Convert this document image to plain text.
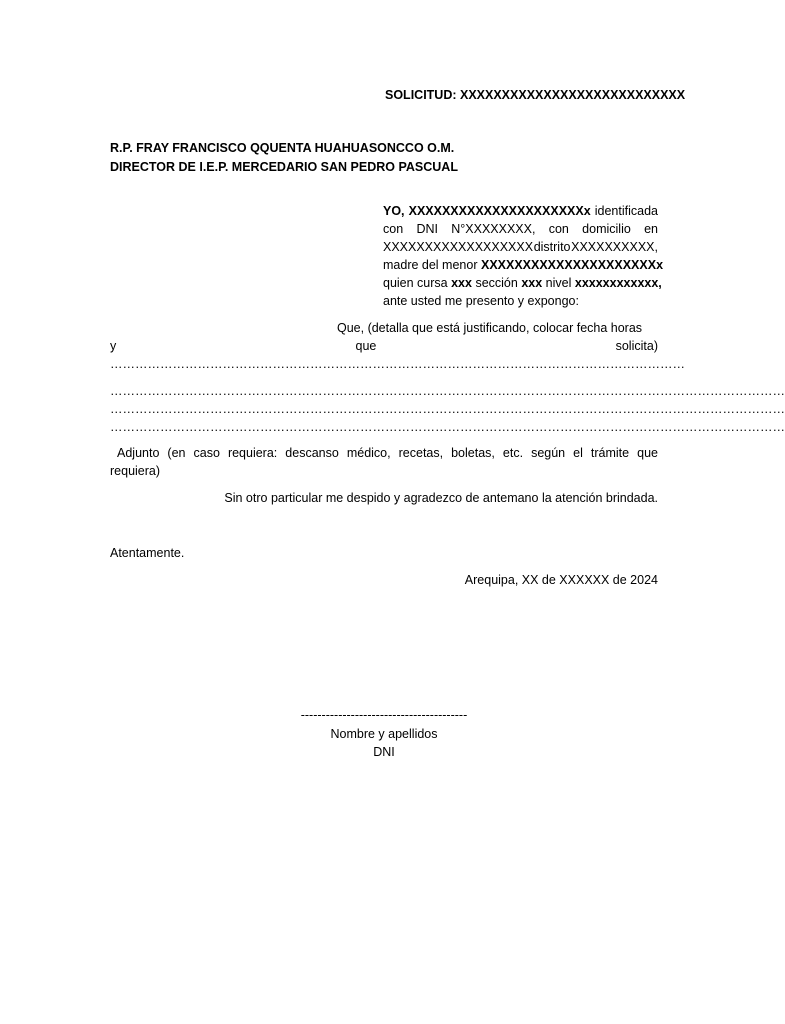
SOLICITUD: XXXXXXXXXXXXXXXXXXXXXXXXXXX
R.P. FRAY FRANCISCO QQUENTA HUAHUASONCCO O.M.
DIRECTOR DE I.E.P. MERCEDARIO SAN PEDRO PASCUAL
YO, XXXXXXXXXXXXXXXXXXXXXx identificada
con DNI N°XXXXXXXX, con domicilio en
XXXXXXXXXXXXXXXXXX distrito XXXXXXXXXX,
madre del menor XXXXXXXXXXXXXXXXXXXXXx
quien cursa xxx sección xxx nivel xxxxxxxxxxxx,
ante usted me presento y expongo:
Que, (detalla que está justificando, colocar fecha horas
y	que	solicita)
…………………………………………………………………………………………………………………………
………………………………………………………………………………………………………………………………………………
………………………………………………………………………………………………………………………………………………
………………………………………………………………………………………………………………………………………………
Adjunto (en caso requiera: descanso médico, recetas, boletas, etc. según el trámite que
requiera)
Sin otro particular me despido y agradezco de antemano la atención brindada.
Atentamente.
Arequipa, XX de XXXXXX de 2024
----------------------------------------
Nombre y apellidos
DNI
